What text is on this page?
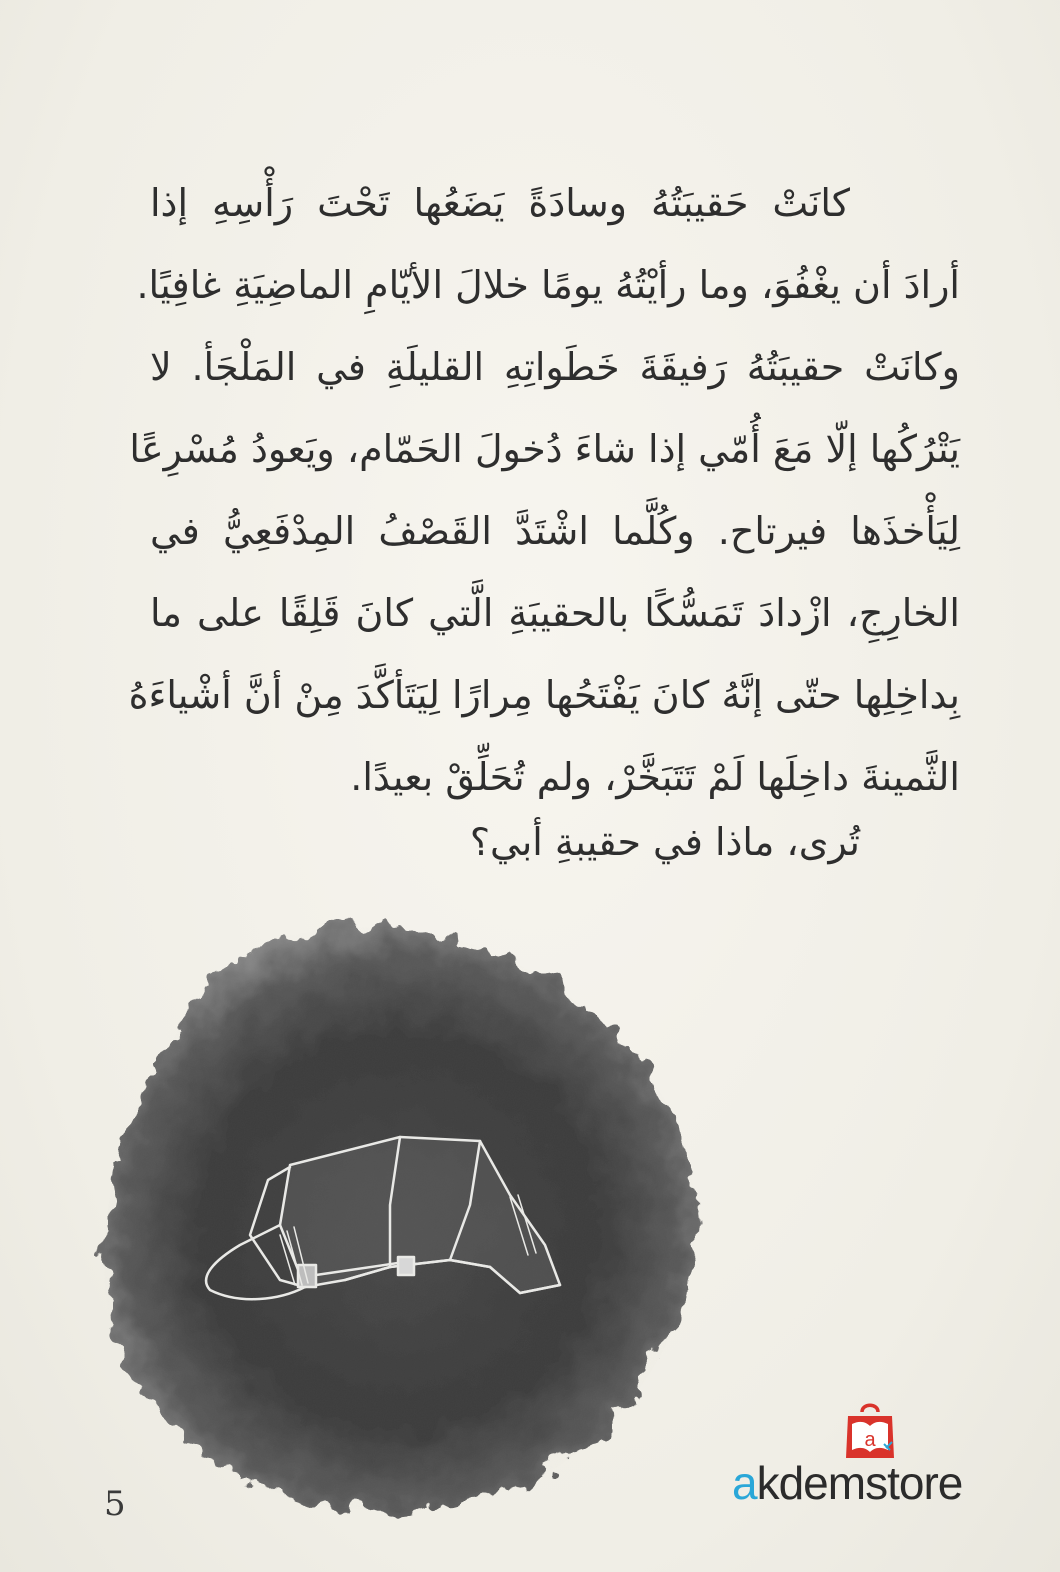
كانَتْ حَقيبَتُهُ وسادَةً يَضَعُها تَحْتَ رَأْسِهِ إذا
أرادَ أن يغْفُوَ، وما رأيْتُهُ يومًا خلالَ الأيّامِ الماضِيَةِ غافِيًا.
وكانَتْ حقيبَتُهُ رَفيقَةَ خَطَواتِهِ القليلَةِ في المَلْجَأ. لا
يَتْرُكُها إلّا مَعَ أُمّي إذا شاءَ دُخولَ الحَمّام، ويَعودُ مُسْرِعًا
لِيَأْخذَها فيرتاح. وكُلَّما اشْتَدَّ القَصْفُ المِدْفَعِيُّ في
الخارِجِ، ازْدادَ تَمَسُّكًا بالحقيبَةِ الَّتي كانَ قَلِقًا على ما
بِداخِلِها حتّى إنَّهُ كانَ يَفْتَحُها مِرارًا لِيَتَأكَّدَ مِنْ أنَّ أشْياءَهُ
الثَّمينةَ داخِلَها لَمْ تَتَبَخَّرْ، ولم تُحَلِّقْ بعيدًا.
تُرى، ماذا في حقيبةِ أبي؟
5
a
akdemstore
